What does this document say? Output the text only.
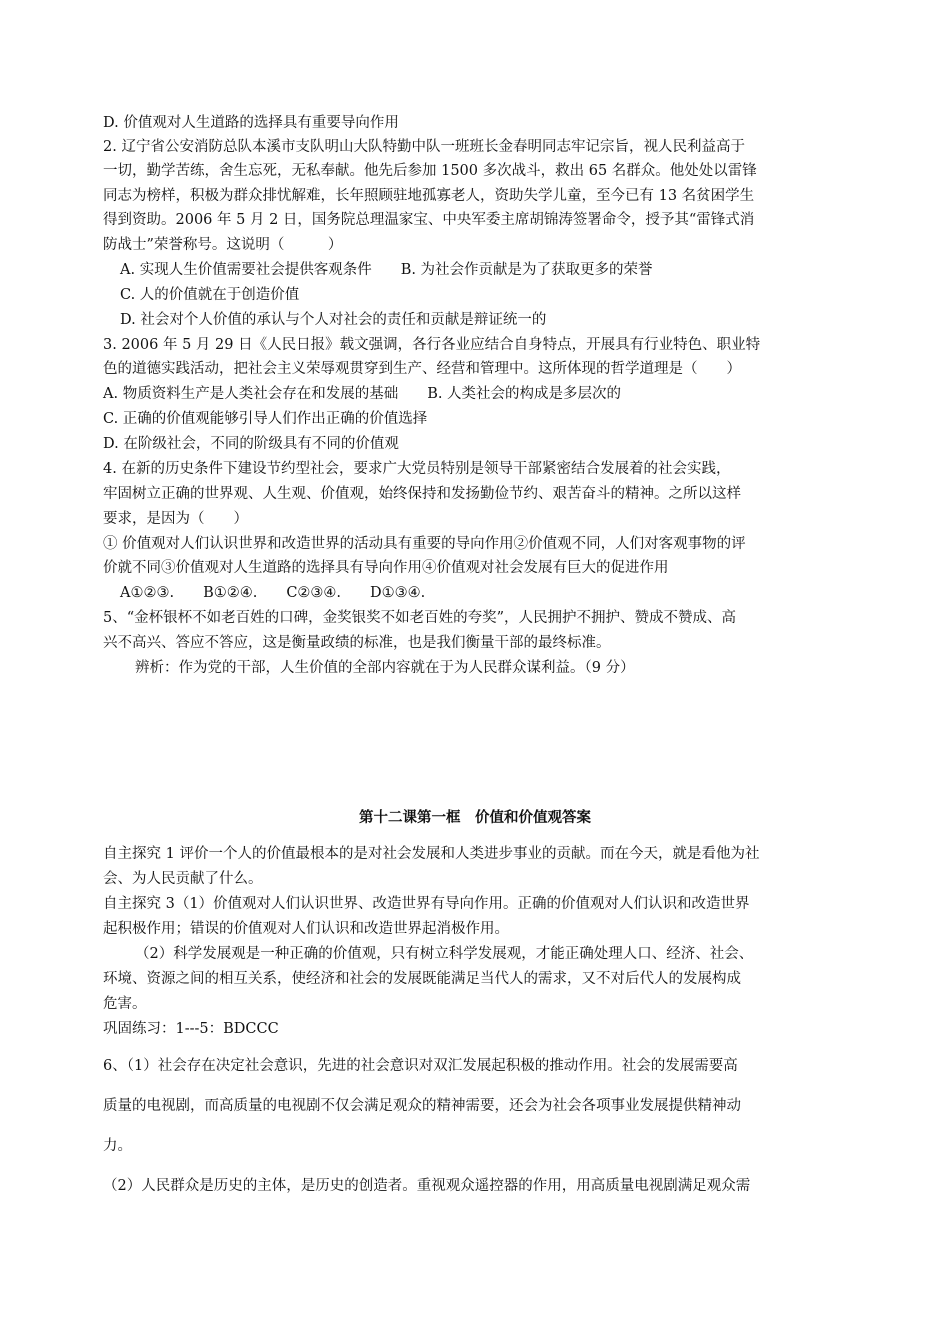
D. 价值观对人生道路的选择具有重要导向作用

2. 辽宁省公安消防总队本溪市支队明山大队特勤中队一班班长金春明同志牢记宗旨，视人民利益高于

一切，勤学苦练，舍生忘死，无私奉献。他先后参加 1500 多次战斗，救出 65 名群众。他处处以雷锋

同志为榜样，积极为群众排忧解难，长年照顾驻地孤寡老人，资助失学儿童，至今已有 13 名贫困学生

得到资助。2006 年 5 月 2 日，国务院总理温家宝、中央军委主席胡锦涛签署命令，授予其“雷锋式消

防战士”荣誉称号。这说明（　　　）

A. 实现人生价值需要社会提供客观条件　　B. 为社会作贡献是为了获取更多的荣誉

C. 人的价值就在于创造价值

D. 社会对个人价值的承认与个人对社会的责任和贡献是辩证统一的

3. 2006 年 5 月 29 日《人民日报》载文强调，各行各业应结合自身特点，开展具有行业特色、职业特

色的道德实践活动，把社会主义荣辱观贯穿到生产、经营和管理中。这所体现的哲学道理是（　　）

A. 物质资料生产是人类社会存在和发展的基础　　B. 人类社会的构成是多层次的

C. 正确的价值观能够引导人们作出正确的价值选择

D. 在阶级社会，不同的阶级具有不同的价值观

4. 在新的历史条件下建设节约型社会，要求广大党员特别是领导干部紧密结合发展着的社会实践，

牢固树立正确的世界观、人生观、价值观，始终保持和发扬勤俭节约、艰苦奋斗的精神。之所以这样

要求，是因为（　　）

① 价值观对人们认识世界和改造世界的活动具有重要的导向作用②价值观不同，人们对客观事物的评

价就不同③价值观对人生道路的选择具有导向作用④价值观对社会发展有巨大的促进作用

A①②③.　　B①②④.　　C②③④.　　D①③④.

5、“金杯银杯不如老百姓的口碑，金奖银奖不如老百姓的夸奖”，人民拥护不拥护、赞成不赞成、高

兴不高兴、答应不答应，这是衡量政绩的标准，也是我们衡量干部的最终标准。

辨析：作为党的干部，人生价值的全部内容就在于为人民群众谋利益。（9 分）

第十二课第一框　价值和价值观答案

自主探究 1 评价一个人的价值最根本的是对社会发展和人类进步事业的贡献。而在今天，就是看他为社

会、为人民贡献了什么。

自主探究 3（1）价值观对人们认识世界、改造世界有导向作用。正确的价值观对人们认识和改造世界

起积极作用；错误的价值观对人们认识和改造世界起消极作用。

（2）科学发展观是一种正确的价值观，只有树立科学发展观，才能正确处理人口、经济、社会、

环境、资源之间的相互关系，使经济和社会的发展既能满足当代人的需求，又不对后代人的发展构成

危害。

巩固练习：1---5：BDCCC

6、（1）社会存在决定社会意识，先进的社会意识对双汇发展起积极的推动作用。社会的发展需要高

质量的电视剧，而高质量的电视剧不仅会满足观众的精神需要，还会为社会各项事业发展提供精神动

力。

（2）人民群众是历史的主体，是历史的创造者。重视观众遥控器的作用，用高质量电视剧满足观众需
